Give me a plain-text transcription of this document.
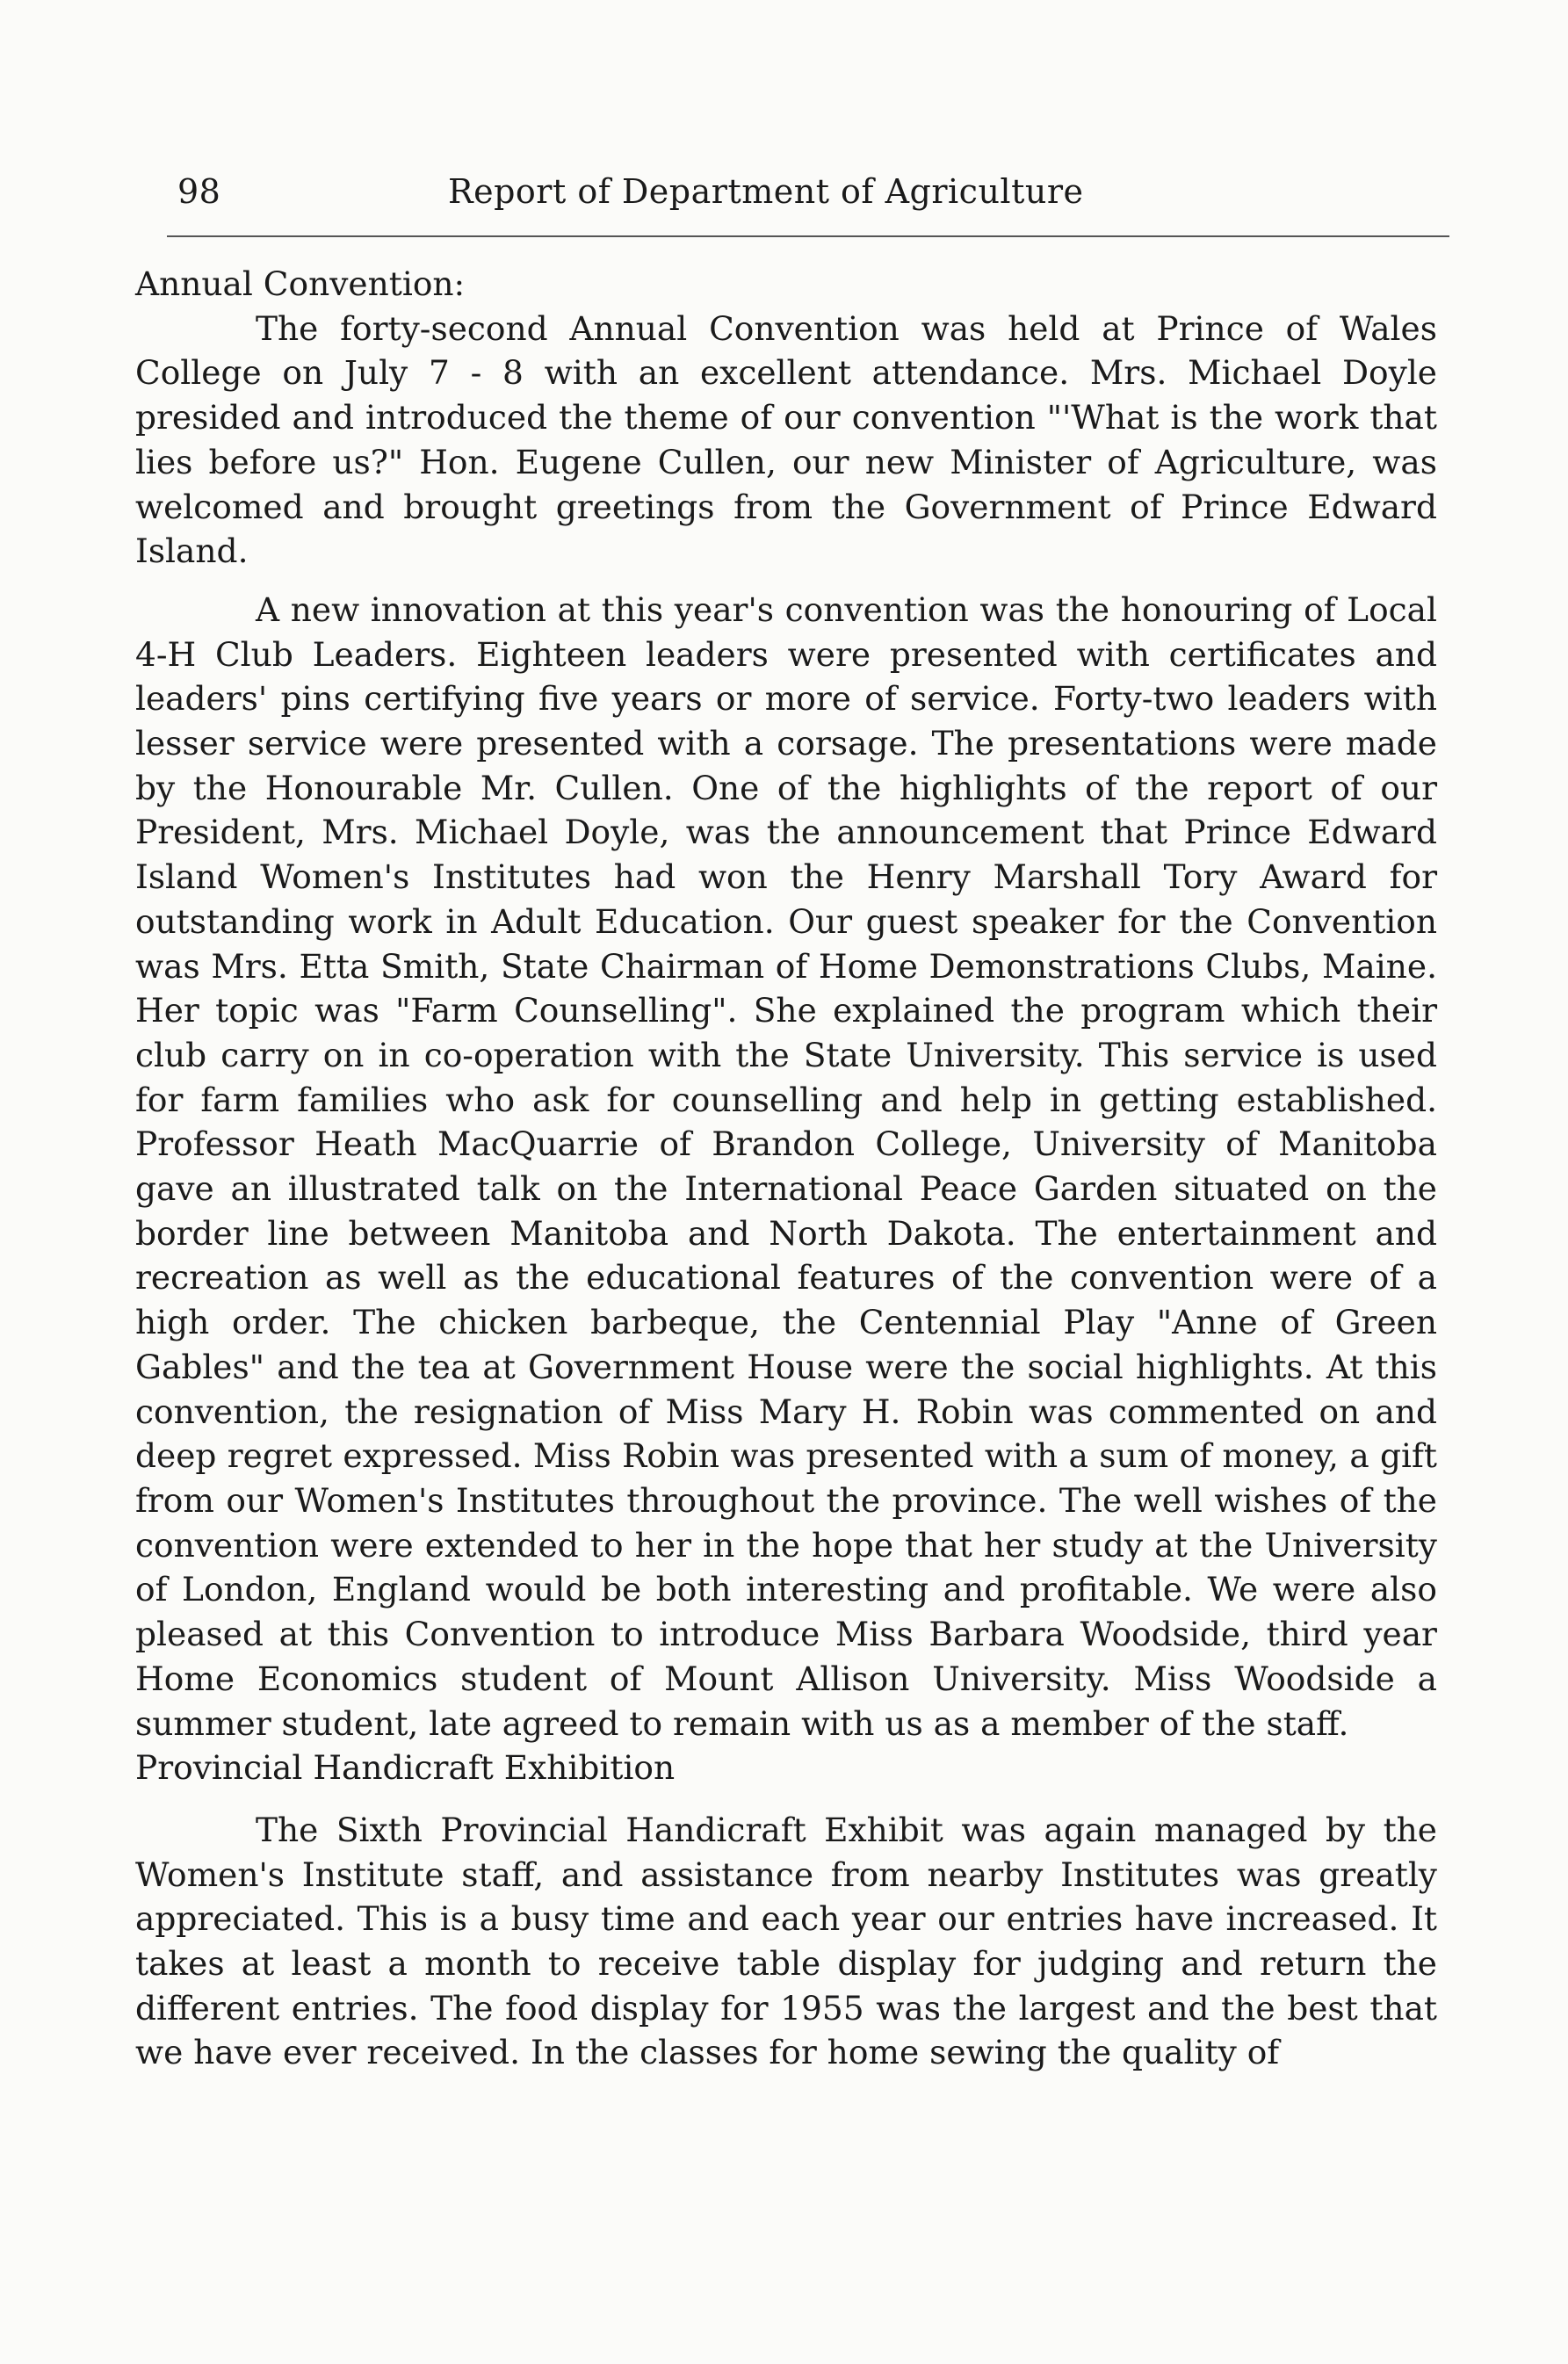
98	Report of Department of Agriculture

Annual Convention:

The forty-second Annual Convention was held at Prince of Wales College on July 7 - 8 with an excellent attendance. Mrs. Michael Doyle presided and introduced the theme of our convention "'What is the work that lies before us?" Hon. Eugene Cullen, our new Minister of Agriculture, was welcomed and brought greetings from the Government of Prince Edward Island.

A new innovation at this year's convention was the honouring of Local 4-H Club Leaders. Eighteen leaders were presented with certificates and leaders' pins certifying five years or more of service. Forty-two leaders with lesser service were presented with a corsage. The presentations were made by the Honourable Mr. Cullen. One of the highlights of the report of our President, Mrs. Michael Doyle, was the announcement that Prince Edward Island Women's Institutes had won the Henry Marshall Tory Award for outstanding work in Adult Education. Our guest speaker for the Convention was Mrs. Etta Smith, State Chairman of Home Demonstrations Clubs, Maine. Her topic was "Farm Counselling". She explained the program which their club carry on in co-operation with the State University. This service is used for farm families who ask for counselling and help in getting established. Professor Heath MacQuarrie of Brandon College, University of Manitoba gave an illustrated talk on the International Peace Garden situated on the border line between Manitoba and North Dakota. The entertainment and recreation as well as the educational features of the convention were of a high order. The chicken barbeque, the Centennial Play "Anne of Green Gables" and the tea at Government House were the social highlights. At this convention, the resignation of Miss Mary H. Robin was commented on and deep regret expressed. Miss Robin was presented with a sum of money, a gift from our Women's Institutes throughout the province. The well wishes of the convention were extended to her in the hope that her study at the University of London, England would be both interesting and profitable. We were also pleased at this Convention to introduce Miss Barbara Woodside, third year Home Economics student of Mount Allison University. Miss Woodside a summer student, late agreed to remain with us as a member of the staff.

Provincial Handicraft Exhibition

The Sixth Provincial Handicraft Exhibit was again managed by the Women's Institute staff, and assistance from nearby Institutes was greatly appreciated. This is a busy time and each year our entries have increased. It takes at least a month to receive table display for judging and return the different entries. The food display for 1955 was the largest and the best that we have ever received. In the classes for home sewing the quality of
